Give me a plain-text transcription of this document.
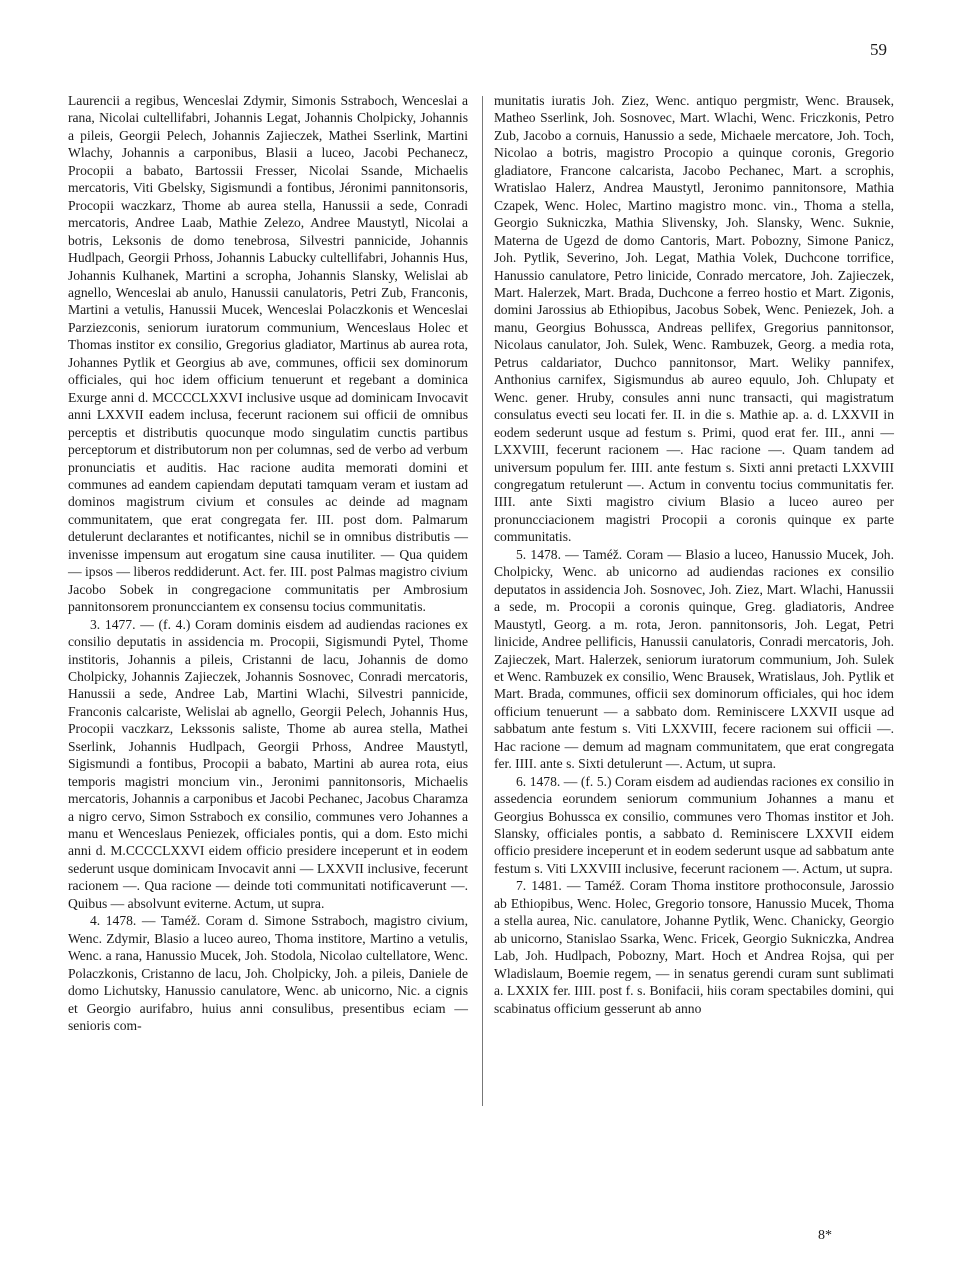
59

Laurencii a regibus, Wenceslai Zdymir, Simonis Sstraboch, Wenceslai a rana, Nicolai cultellifabri, Johannis Legat, Johannis Cholpicky, Johannis a pileis, Georgii Pelech, Johannis Zajieczek, Mathei Sserlink, Martini Wlachy, Johannis a carponibus, Blasii a luceo, Jacobi Pechanecz, Procopii a babato, Bartossii Fresser, Nicolai Ssande, Michaelis mercatoris, Viti Gbelsky, Sigismundi a fontibus, Jéronimi pannitonsoris, Procopii waczkarz, Thome ab aurea stella, Hanussii a sede, Conradi mercatoris, Andree Laab, Mathie Zelezo, Andree Maustytl, Nicolai a botris, Leksonis de domo tenebrosa, Silvestri pannicide, Johannis Hudlpach, Georgii Prhoss, Johannis Labucky cultellifabri, Johannis Hus, Johannis Kulhanek, Martini a scropha, Johannis Slansky, Welislai ab agnello, Wenceslai ab anulo, Hanussii canulatoris, Petri Zub, Franconis, Martini a vetulis, Hanussii Mucek, Wenceslai Polaczkonis et Wenceslai Parziezconis, seniorum iuratorum communium, Wenceslaus Holec et Thomas institor ex consilio, Gregorius gladiator, Martinus ab aurea rota, Johannes Pytlik et Georgius ab ave, communes, officii sex dominorum officiales, qui hoc idem officium tenuerunt et regebant a dominica Exurge anni d. MCCCCLXXVI inclusive usque ad dominicam Invocavit anni LXXVII eadem inclusa, fecerunt racionem sui officii de omnibus perceptis et distributis quocunque modo singulatim cunctis partibus perceptorum et distributorum non per columnas, sed de verbo ad verbum pronunciatis et auditis. Hac racione audita memorati domini et communes ad eandem capiendam deputati tamquam veram et iustam ad dominos magistrum civium et consules ac deinde ad magnam communitatem, que erat congregata fer. III. post dom. Palmarum detulerunt declarantes et notificantes, nichil se in omnibus distributis — invenisse impensum aut erogatum sine causa inutiliter. — Qua quidem — ipsos — liberos reddiderunt. Act. fer. III. post Palmas magistro civium Jacobo Sobek in congregacione communitatis per Ambrosium pannitonsorem pronuncciantem ex consensu tocius communitatis.

3. 1477. — (f. 4.) Coram dominis eisdem ad audiendas raciones ex consilio deputatis in assidencia m. Procopii, Sigismundi Pytel, Thome institoris, Johannis a pileis, Cristanni de lacu, Johannis de domo Cholpicky, Johannis Zajieczek, Johannis Sosnovec, Conradi mercatoris, Hanussii a sede, Andree Lab, Martini Wlachi, Silvestri pannicide, Franconis calcariste, Welislai ab agnello, Georgii Pelech, Johannis Hus, Procopii vaczkarz, Lekssonis saliste, Thome ab aurea stella, Mathei Sserlink, Johannis Hudlpach, Georgii Prhoss, Andree Maustytl, Sigismundi a fontibus, Procopii a babato, Martini ab aurea rota, eius temporis magistri moncium vin., Jeronimi pannitonsoris, Michaelis mercatoris, Johannis a carponibus et Jacobi Pechanec, Jacobus Charamza a nigro cervo, Simon Sstraboch ex consilio, communes vero Johannes a manu et Wenceslaus Peniezek, officiales pontis, qui a dom. Esto michi anni d. M.CCCCLXXVI eidem officio presidere inceperunt et in eodem sederunt usque dominicam Invocavit anni — LXXVII inclusive, fecerunt racionem —. Qua racione — deinde toti communitati notificaverunt —. Quibus — absolvunt eviterne. Actum, ut supra.

4. 1478. — Taméž. Coram d. Simone Sstraboch, magistro civium, Wenc. Zdymir, Blasio a luceo aureo, Thoma institore, Martino a vetulis, Wenc. a rana, Hanussio Mucek, Joh. Stodola, Nicolao cultellatore, Wenc. Polaczkonis, Cristanno de lacu, Joh. Cholpicky, Joh. a pileis, Daniele de domo Lichutsky, Hanussio canulatore, Wenc. ab unicorno, Nic. a cignis et Georgio aurifabro, huius anni consulibus, presentibus eciam — senioris com-

munitatis iuratis Joh. Ziez, Wenc. antiquo pergmistr, Wenc. Brausek, Matheo Sserlink, Joh. Sosnovec, Mart. Wlachi, Wenc. Friczkonis, Petro Zub, Jacobo a cornuis, Hanussio a sede, Michaele mercatore, Joh. Toch, Nicolao a botris, magistro Procopio a quinque coronis, Gregorio gladiatore, Francone calcarista, Jacobo Pechanec, Mart. a scrophis, Wratislao Halerz, Andrea Maustytl, Jeronimo pannitonsore, Mathia Czapek, Wenc. Holec, Martino magistro monc. vin., Thoma a stella, Georgio Sukniczka, Mathia Slivensky, Joh. Slansky, Wenc. Suknie, Materna de Ugezd de domo Cantoris, Mart. Pobozny, Simone Panicz, Joh. Pytlik, Severino, Joh. Legat, Mathia Volek, Duchcone torrifice, Hanussio canulatore, Petro linicide, Conrado mercatore, Joh. Zajieczek, Mart. Halerzek, Mart. Brada, Duchcone a ferreo hostio et Mart. Zigonis, domini Jarossius ab Ethiopibus, Jacobus Sobek, Wenc. Peniezek, Joh. a manu, Georgius Bohussca, Andreas pellifex, Gregorius pannitonsor, Nicolaus canulator, Joh. Sulek, Wenc. Rambuzek, Georg. a media rota, Petrus caldariator, Duchco pannitonsor, Mart. Weliky pannifex, Anthonius carnifex, Sigismundus ab aureo equulo, Joh. Chlupaty et Wenc. gener. Hruby, consules anni nunc transacti, qui magistratum consulatus evecti seu locati fer. II. in die s. Mathie ap. a. d. LXXVII in eodem sederunt usque ad festum s. Primi, quod erat fer. III., anni — LXXVIII, fecerunt racionem —. Hac racione —. Quam tandem ad universum populum fer. IIII. ante festum s. Sixti anni pretacti LXXVIII congregatum retulerunt —. Actum in conventu tocius communitatis fer. IIII. ante Sixti magistro civium Blasio a luceo aureo per pronuncciacionem magistri Procopii a coronis quinque ex parte communitatis.

5. 1478. — Taméž. Coram — Blasio a luceo, Hanussio Mucek, Joh. Cholpicky, Wenc. ab unicorno ad audiendas raciones ex consilio deputatos in assidencia Joh. Sosnovec, Joh. Ziez, Mart. Wlachi, Hanussii a sede, m. Procopii a coronis quinque, Greg. gladiatoris, Andree Maustytl, Georg. a m. rota, Jeron. pannitonsoris, Joh. Legat, Petri linicide, Andree pellificis, Hanussii canulatoris, Conradi mercatoris, Joh. Zajieczek, Mart. Halerzek, seniorum iuratorum communium, Joh. Sulek et Wenc. Rambuzek ex consilio, Wenc Brausek, Wratislaus, Joh. Pytlik et Mart. Brada, communes, officii sex dominorum officiales, qui hoc idem officium tenuerunt — a sabbato dom. Reminiscere LXXVII usque ad sabbatum ante festum s. Viti LXXVIII, fecere racionem sui officii —. Hac racione — demum ad magnam communitatem, que erat congregata fer. IIII. ante s. Sixti detulerunt —. Actum, ut supra.

6. 1478. — (f. 5.) Coram eisdem ad audiendas raciones ex consilio in assedencia eorundem seniorum communium Johannes a manu et Georgius Bohussca ex consilio, communes vero Thomas institor et Joh. Slansky, officiales pontis, a sabbato d. Reminiscere LXXVII eidem officio presidere inceperunt et in eodem sederunt usque ad sabbatum ante festum s. Viti LXXVIII inclusive, fecerunt racionem —. Actum, ut supra.

7. 1481. — Taméž. Coram Thoma institore prothoconsule, Jarossio ab Ethiopibus, Wenc. Holec, Gregorio tonsore, Hanussio Mucek, Thoma a stella aurea, Nic. canulatore, Johanne Pytlik, Wenc. Chanicky, Georgio ab unicorno, Stanislao Ssarka, Wenc. Fricek, Georgio Sukniczka, Andrea Lab, Joh. Hudlpach, Pobozny, Mart. Hoch et Andrea Rojsa, qui per Wladislaum, Boemie regem, — in senatus gerendi curam sunt sublimati a. LXXIX fer. IIII. post f. s. Bonifacii, hiis coram spectabiles domini, qui scabinatus officium gesserunt ab anno

8*
